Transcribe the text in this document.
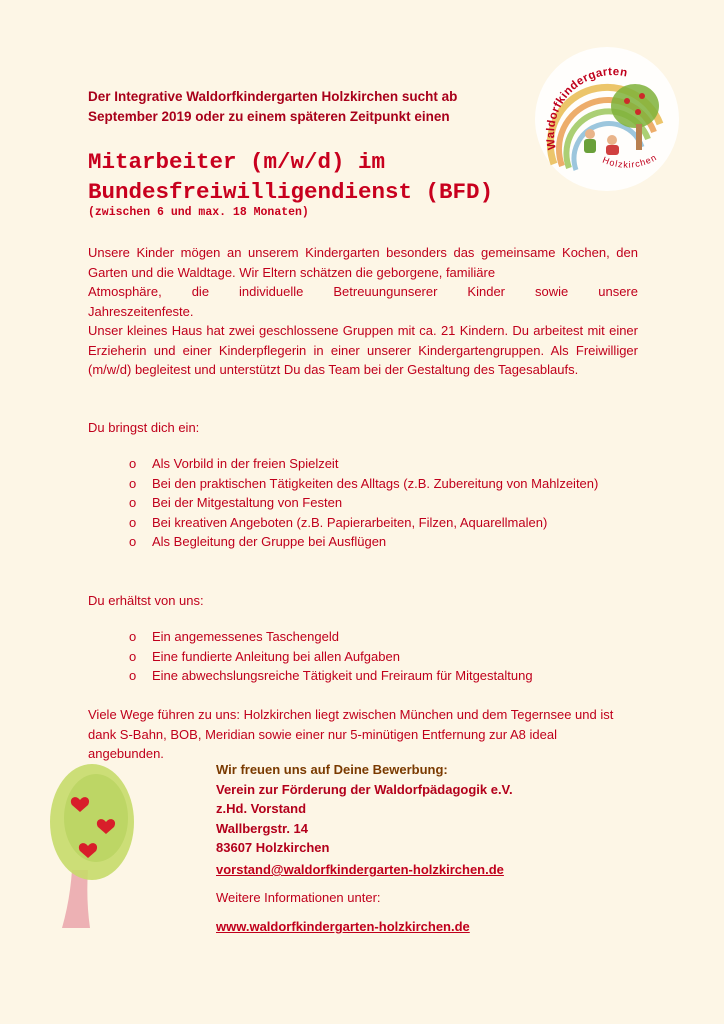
Waldorfkindergarten
Holzkirchen
Der Integrative Waldorfkindergarten Holzkirchen sucht ab
September 2019 oder zu einem späteren Zeitpunkt einen
Mitarbeiter (m/w/d) im
Bundesfreiwilligendienst (BFD)
(zwischen 6 und max. 18 Monaten)
Unsere Kinder mögen an unserem Kindergarten besonders das gemeinsame Kochen, den Garten und die Waldtage. Wir Eltern schätzen die geborgene, familiäre
Atmosphäre, die individuelle Betreuungunserer Kinder sowie unsere
Jahreszeitenfeste.
Unser kleines Haus hat zwei geschlossene Gruppen mit ca. 21 Kindern. Du arbeitest mit einer Erzieherin und einer Kinderpflegerin in einer unserer Kindergartengruppen. Als Freiwilliger (m/w/d) begleitest und unterstützt Du das Team bei der Gestaltung des Tagesablaufs.
Du bringst dich ein:
o Als Vorbild in der freien Spielzeit
o Bei den praktischen Tätigkeiten des Alltags (z.B. Zubereitung von Mahlzeiten)
o Bei der Mitgestaltung von Festen
o Bei kreativen Angeboten (z.B. Papierarbeiten, Filzen, Aquarellmalen)
o Als Begleitung der Gruppe bei Ausflügen
Du erhältst von uns:
o Ein angemessenes Taschengeld
o Eine fundierte Anleitung bei allen Aufgaben
o Eine abwechslungsreiche Tätigkeit und Freiraum für Mitgestaltung
Viele Wege führen zu uns: Holzkirchen liegt zwischen München und dem Tegernsee und ist dank S-Bahn, BOB, Meridian sowie einer nur 5-minütigen Entfernung zur A8 ideal angebunden.
Wir freuen uns auf Deine Bewerbung:
Verein zur Förderung der Waldorfpädagogik e.V.
z.Hd. Vorstand
Wallbergstr. 14
83607 Holzkirchen
vorstand@waldorfkindergarten-holzkirchen.de
Weitere Informationen unter:
www.waldorfkindergarten-holzkirchen.de
